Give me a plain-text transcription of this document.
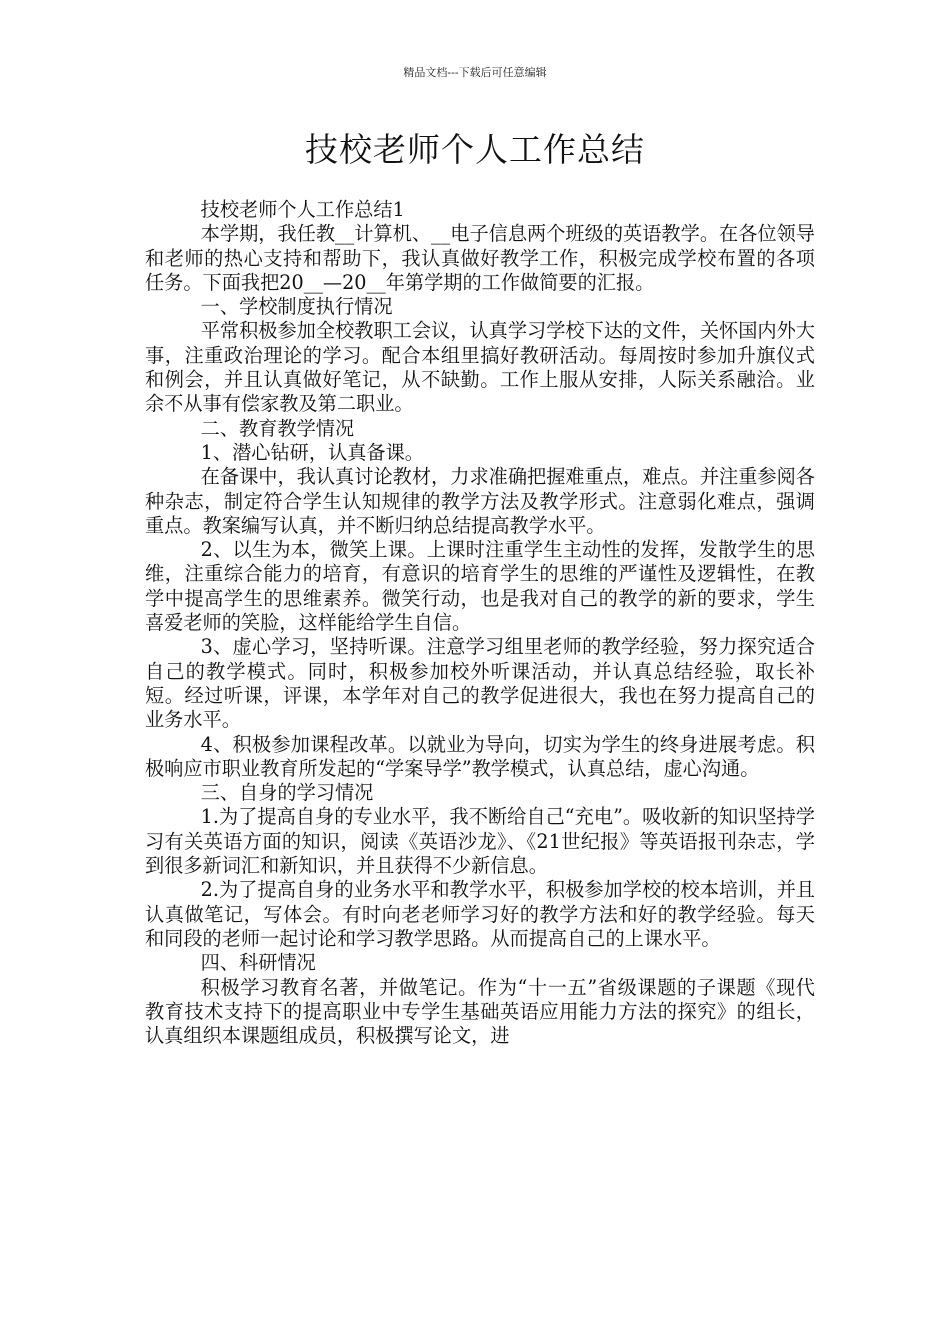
精品文档---下载后可任意编辑
技校老师个人工作总结

技校老师个人工作总结1

本学期，我任教__计算机、__电子信息两个班级的英语教学。在各位领导和老师的热心支持和帮助下，我认真做好教学工作，积极完成学校布置的各项任务。下面我把20__—20__年第学期的工作做简要的汇报。

一、学校制度执行情况

平常积极参加全校教职工会议，认真学习学校下达的文件，关怀国内外大事，注重政治理论的学习。配合本组里搞好教研活动。每周按时参加升旗仪式和例会，并且认真做好笔记，从不缺勤。工作上服从安排，人际关系融洽。业余不从事有偿家教及第二职业。

二、教育教学情况

1、潜心钻研，认真备课。

在备课中，我认真讨论教材，力求准确把握难重点，难点。并注重参阅各种杂志，制定符合学生认知规律的教学方法及教学形式。注意弱化难点，强调重点。教案编写认真，并不断归纳总结提高教学水平。

2、以生为本，微笑上课。上课时注重学生主动性的发挥，发散学生的思维，注重综合能力的培育，有意识的培育学生的思维的严谨性及逻辑性，在教学中提高学生的思维素养。微笑行动，也是我对自己的教学的新的要求，学生喜爱老师的笑脸，这样能给学生自信。

3、虚心学习，坚持听课。注意学习组里老师的教学经验，努力探究适合自己的教学模式。同时，积极参加校外听课活动，并认真总结经验，取长补短。经过听课，评课，本学年对自己的教学促进很大，我也在努力提高自己的业务水平。

4、积极参加课程改革。以就业为导向，切实为学生的终身进展考虑。积极响应市职业教育所发起的“学案导学”教学模式，认真总结，虚心沟通。

三、自身的学习情况

1.为了提高自身的专业水平，我不断给自己“充电”。吸收新的知识坚持学习有关英语方面的知识，阅读《英语沙龙》、《21世纪报》等英语报刊杂志，学到很多新词汇和新知识，并且获得不少新信息。

2.为了提高自身的业务水平和教学水平，积极参加学校的校本培训，并且认真做笔记，写体会。有时向老老师学习好的教学方法和好的教学经验。每天和同段的老师一起讨论和学习教学思路。从而提高自己的上课水平。

四、科研情况

积极学习教育名著，并做笔记。作为“十一五”省级课题的子课题《现代教育技术支持下的提高职业中专学生基础英语应用能力方法的探究》的组长，认真组织本课题组成员，积极撰写论文，进
